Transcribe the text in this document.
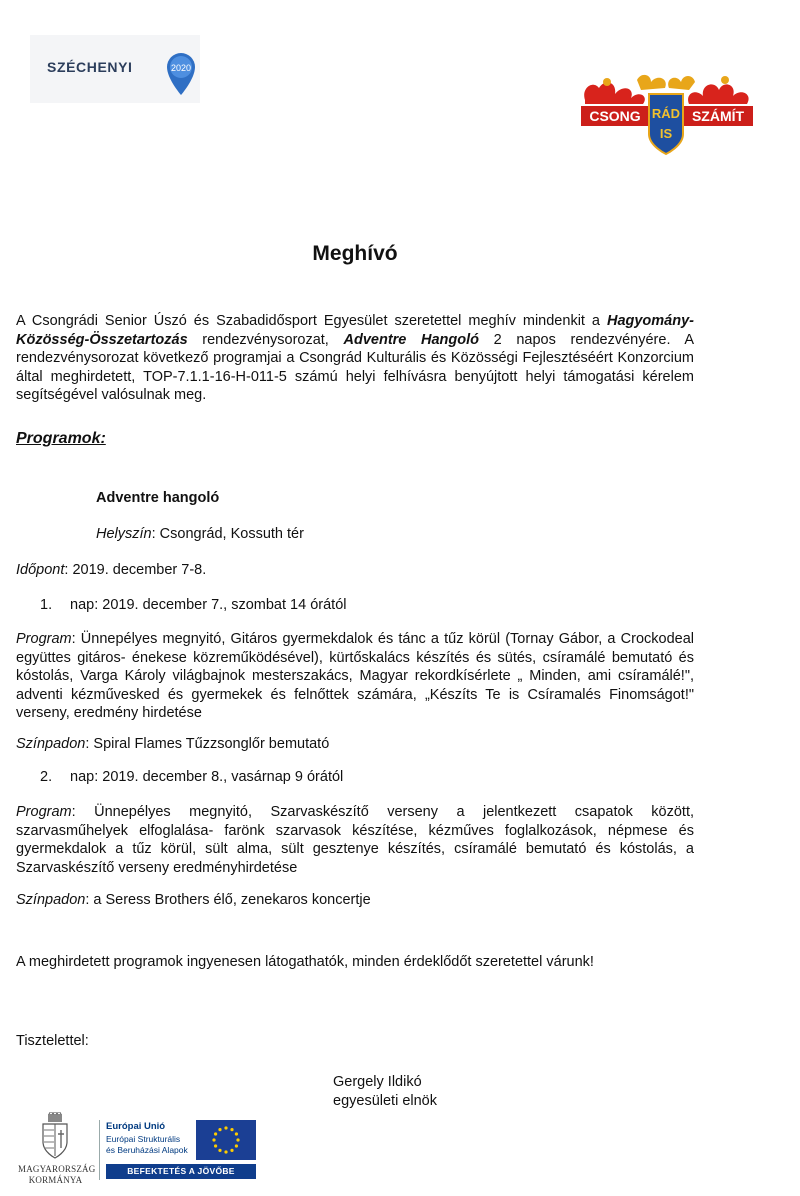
SZÉCHENYI	2020
CSONG	SZÁMÍT
RÁD
IS
Meghívó
A Csongrádi Senior Úszó és Szabadidősport Egyesület szeretettel meghív mindenkit a Hagyomány-Közösség-Összetartozás rendezvénysorozat, Adventre Hangoló 2 napos rendezvényére. A rendezvénysorozat következő programjai a Csongrád Kulturális és Közösségi Fejlesztéséért Konzorcium által meghirdetett, TOP-7.1.1-16-H-011-5 számú helyi felhívásra benyújtott helyi támogatási kérelem segítségével valósulnak meg.
Programok:
Adventre hangoló
Helyszín: Csongrád, Kossuth tér
Időpont: 2019. december 7-8.
1. nap: 2019. december 7., szombat 14 órától
Program: Ünnepélyes megnyitó, Gitáros gyermekdalok és tánc a tűz körül (Tornay Gábor, a Crockodeal együttes gitáros- énekese közreműködésével), kürtőskalács készítés és sütés, csíramálé bemutató és kóstolás, Varga Károly világbajnok mesterszakács, Magyar rekordkísérlete „ Minden, ami csíramálé!", adventi kézművesked és gyermekek és felnőttek számára, „Készíts Te is Csíramalés Finomságot!" verseny, eredmény hirdetése
Színpadon: Spiral Flames Tűzzsonglőr bemutató
2. nap: 2019. december 8., vasárnap 9 órától
Program: Ünnepélyes megnyitó, Szarvaskészítő verseny a jelentkezett csapatok között, szarvasműhelyek elfoglalása- farönk szarvasok készítése, kézműves foglalkozások, népmese és gyermekdalok a tűz körül, sült alma, sült gesztenye készítés, csíramálé bemutató és kóstolás, a Szarvaskészítő verseny eredményhirdetése
Színpadon: a Seress Brothers élő, zenekaros koncertje
A meghirdetett programok ingyenesen látogathatók, minden érdeklődőt szeretettel várunk!
Tisztelettel:
Gergely Ildikó
egyesületi elnök
MAGYARORSZÁG
KORMÁNYA
Európai Unió
Európai Strukturális
és Beruházási Alapok
BEFEKTETÉS A JÖVŐBE
